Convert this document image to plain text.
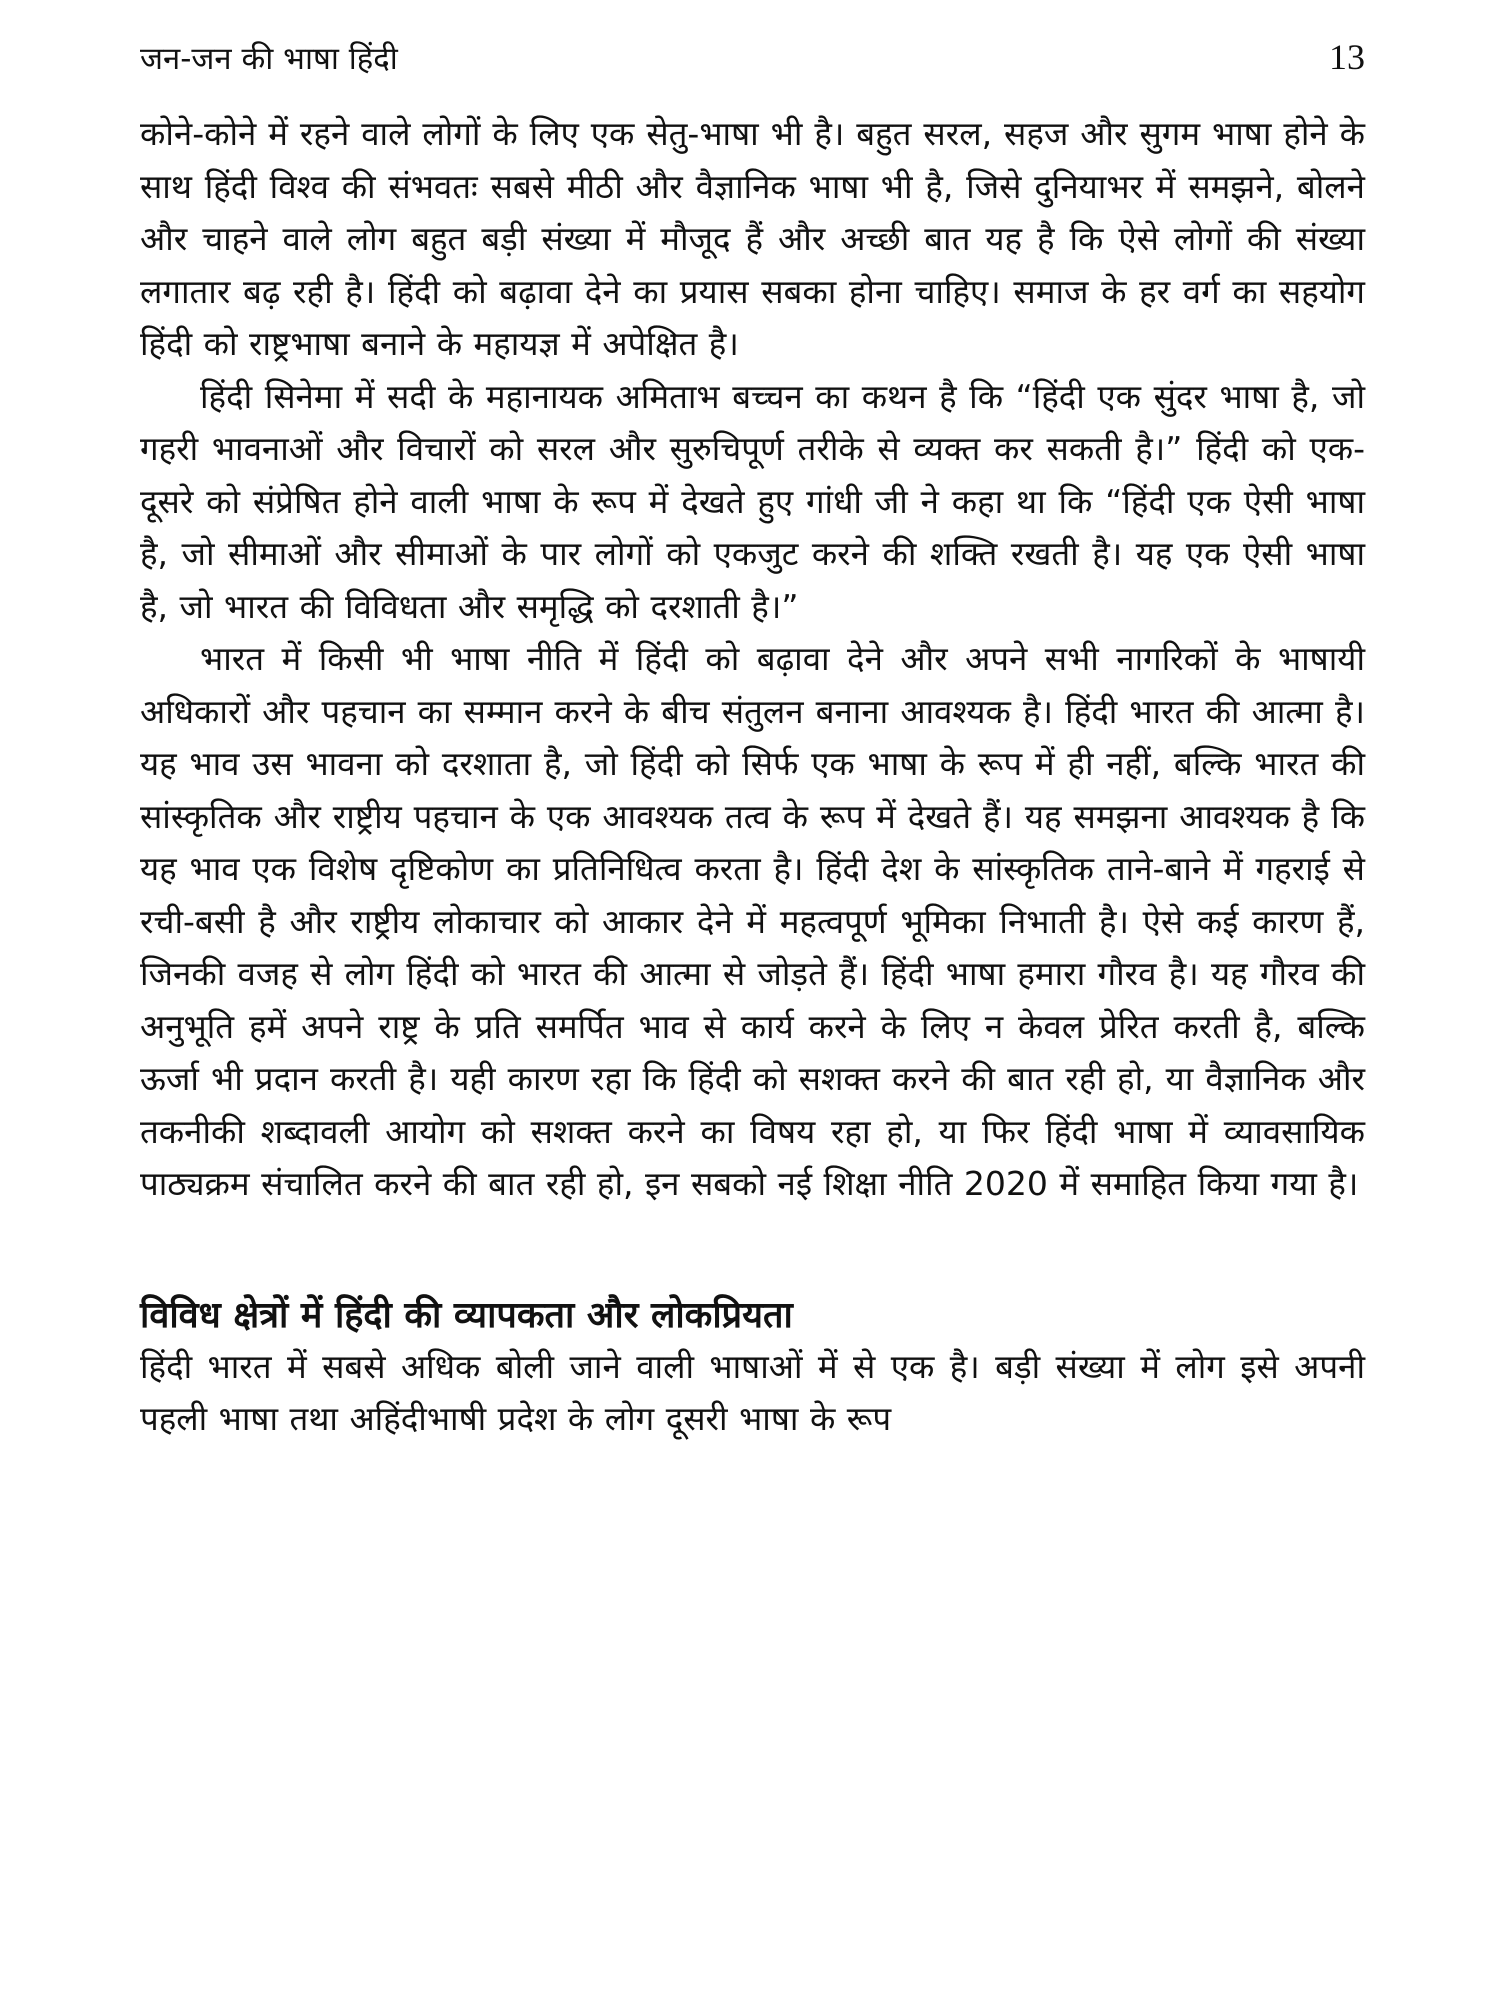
जन-जन की भाषा हिंदी	13

कोने-कोने में रहने वाले लोगों के लिए एक सेतु-भाषा भी है। बहुत सरल, सहज और सुगम भाषा होने के साथ हिंदी विश्व की संभवतः सबसे मीठी और वैज्ञानिक भाषा भी है, जिसे दुनियाभर में समझने, बोलने और चाहने वाले लोग बहुत बड़ी संख्या में मौजूद हैं और अच्छी बात यह है कि ऐसे लोगों की संख्या लगातार बढ़ रही है। हिंदी को बढ़ावा देने का प्रयास सबका होना चाहिए। समाज के हर वर्ग का सहयोग हिंदी को राष्ट्रभाषा बनाने के महायज्ञ में अपेक्षित है।

हिंदी सिनेमा में सदी के महानायक अमिताभ बच्चन का कथन है कि “हिंदी एक सुंदर भाषा है, जो गहरी भावनाओं और विचारों को सरल और सुरुचिपूर्ण तरीके से व्यक्त कर सकती है।” हिंदी को एक-दूसरे को संप्रेषित होने वाली भाषा के रूप में देखते हुए गांधी जी ने कहा था कि “हिंदी एक ऐसी भाषा है, जो सीमाओं और सीमाओं के पार लोगों को एकजुट करने की शक्ति रखती है। यह एक ऐसी भाषा है, जो भारत की विविधता और समृद्धि को दरशाती है।”

भारत में किसी भी भाषा नीति में हिंदी को बढ़ावा देने और अपने सभी नागरिकों के भाषायी अधिकारों और पहचान का सम्मान करने के बीच संतुलन बनाना आवश्यक है। हिंदी भारत की आत्मा है। यह भाव उस भावना को दरशाता है, जो हिंदी को सिर्फ एक भाषा के रूप में ही नहीं, बल्कि भारत की सांस्कृतिक और राष्ट्रीय पहचान के एक आवश्यक तत्व के रूप में देखते हैं। यह समझना आवश्यक है कि यह भाव एक विशेष दृष्टिकोण का प्रतिनिधित्व करता है। हिंदी देश के सांस्कृतिक ताने-बाने में गहराई से रची-बसी है और राष्ट्रीय लोकाचार को आकार देने में महत्वपूर्ण भूमिका निभाती है। ऐसे कई कारण हैं, जिनकी वजह से लोग हिंदी को भारत की आत्मा से जोड़ते हैं। हिंदी भाषा हमारा गौरव है। यह गौरव की अनुभूति हमें अपने राष्ट्र के प्रति समर्पित भाव से कार्य करने के लिए न केवल प्रेरित करती है, बल्कि ऊर्जा भी प्रदान करती है। यही कारण रहा कि हिंदी को सशक्त करने की बात रही हो, या वैज्ञानिक और तकनीकी शब्दावली आयोग को सशक्त करने का विषय रहा हो, या फिर हिंदी भाषा में व्यावसायिक पाठ्यक्रम संचालित करने की बात रही हो, इन सबको नई शिक्षा नीति 2020 में समाहित किया गया है।

विविध क्षेत्रों में हिंदी की व्यापकता और लोकप्रियता

हिंदी भारत में सबसे अधिक बोली जाने वाली भाषाओं में से एक है। बड़ी संख्या में लोग इसे अपनी पहली भाषा तथा अहिंदीभाषी प्रदेश के लोग दूसरी भाषा के रूप
